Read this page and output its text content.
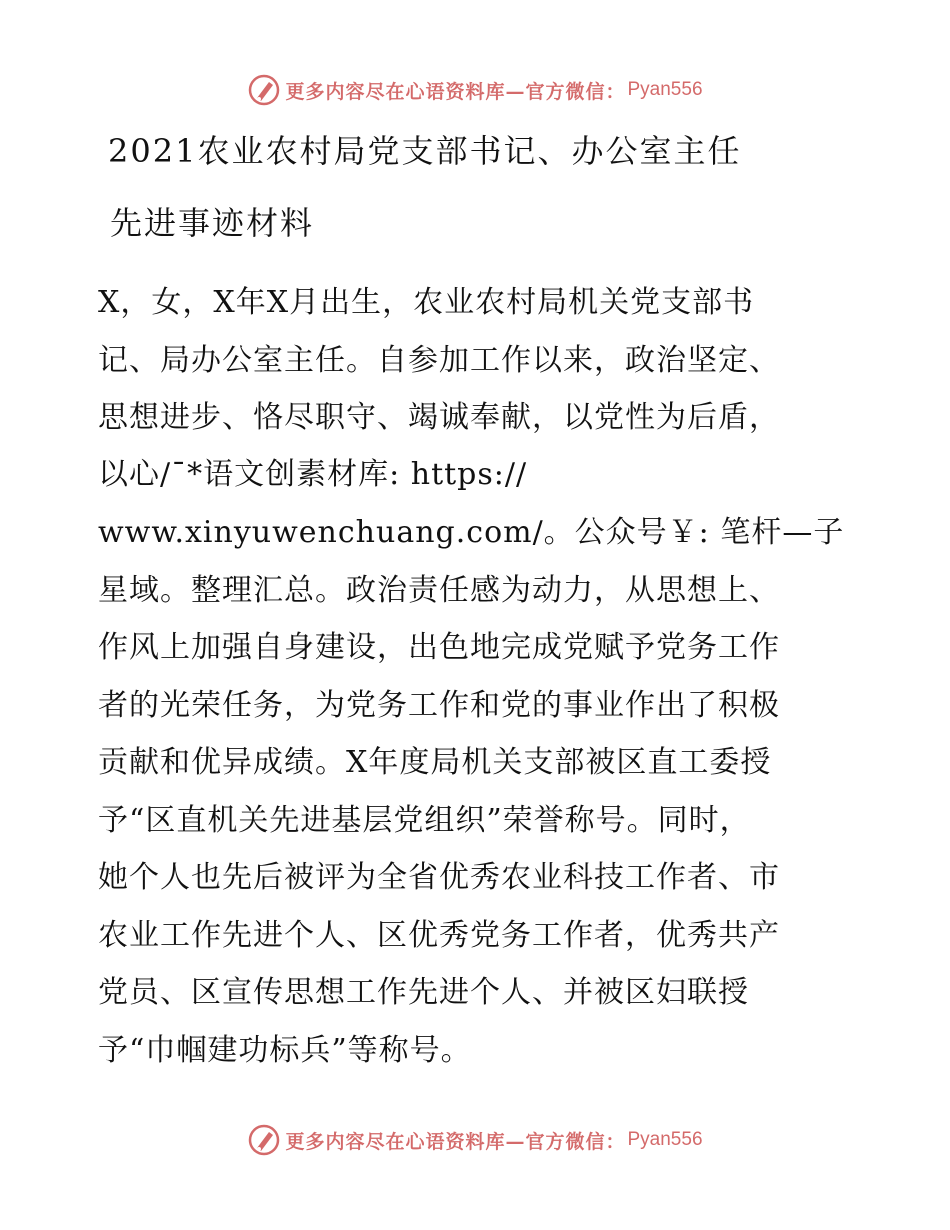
更多内容尽在心语资料库—官方微信： Pyan556
2021农业农村局党支部书记、办公室主任
先进事迹材料
X，女，X年X月出生，农业农村局机关党支部书
记、局办公室主任。自参加工作以来，政治坚定、
思想进步、恪尽职守、竭诚奉献，以党性为后盾，
以心/¯*语文创素材库: https://
www.xinyuwenchuang.com/。公众号￥: 笔杆—子
星域。整理汇总。政治责任感为动力，从思想上、
作风上加强自身建设，出色地完成党赋予党务工作
者的光荣任务，为党务工作和党的事业作出了积极
贡献和优异成绩。X年度局机关支部被区直工委授
予“区直机关先进基层党组织”荣誉称号。同时，
她个人也先后被评为全省优秀农业科技工作者、市
农业工作先进个人、区优秀党务工作者，优秀共产
党员、区宣传思想工作先进个人、并被区妇联授
予“巾帼建功标兵”等称号。
更多内容尽在心语资料库—官方微信： Pyan556
